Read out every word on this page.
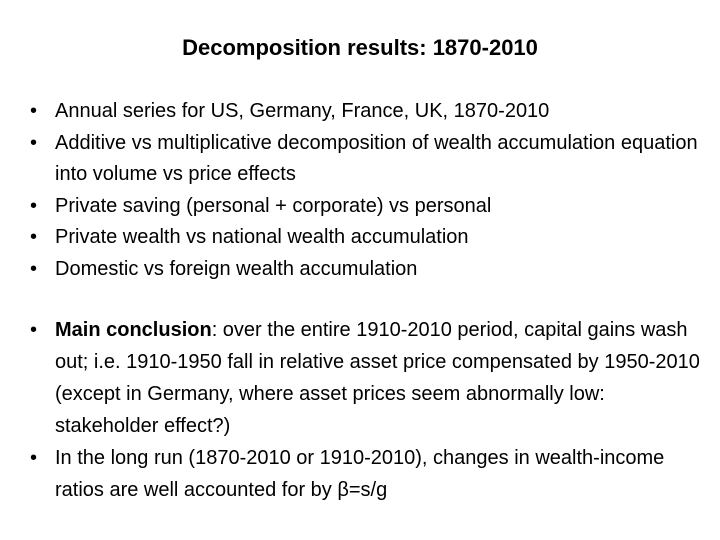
Decomposition results: 1870-2010
• Annual series for US, Germany, France, UK, 1870-2010
• Additive vs multiplicative decomposition of wealth accumulation equation into volume vs price effects
• Private saving (personal + corporate) vs personal
• Private wealth vs national wealth accumulation
• Domestic vs foreign wealth accumulation
• Main conclusion: over the entire 1910-2010 period, capital gains wash out; i.e. 1910-1950 fall in relative asset price compensated by 1950-2010 (except in Germany, where asset prices seem abnormally low: stakeholder effect?)
• In the long run (1870-2010 or 1910-2010), changes in wealth-income ratios are well accounted for by β=s/g
